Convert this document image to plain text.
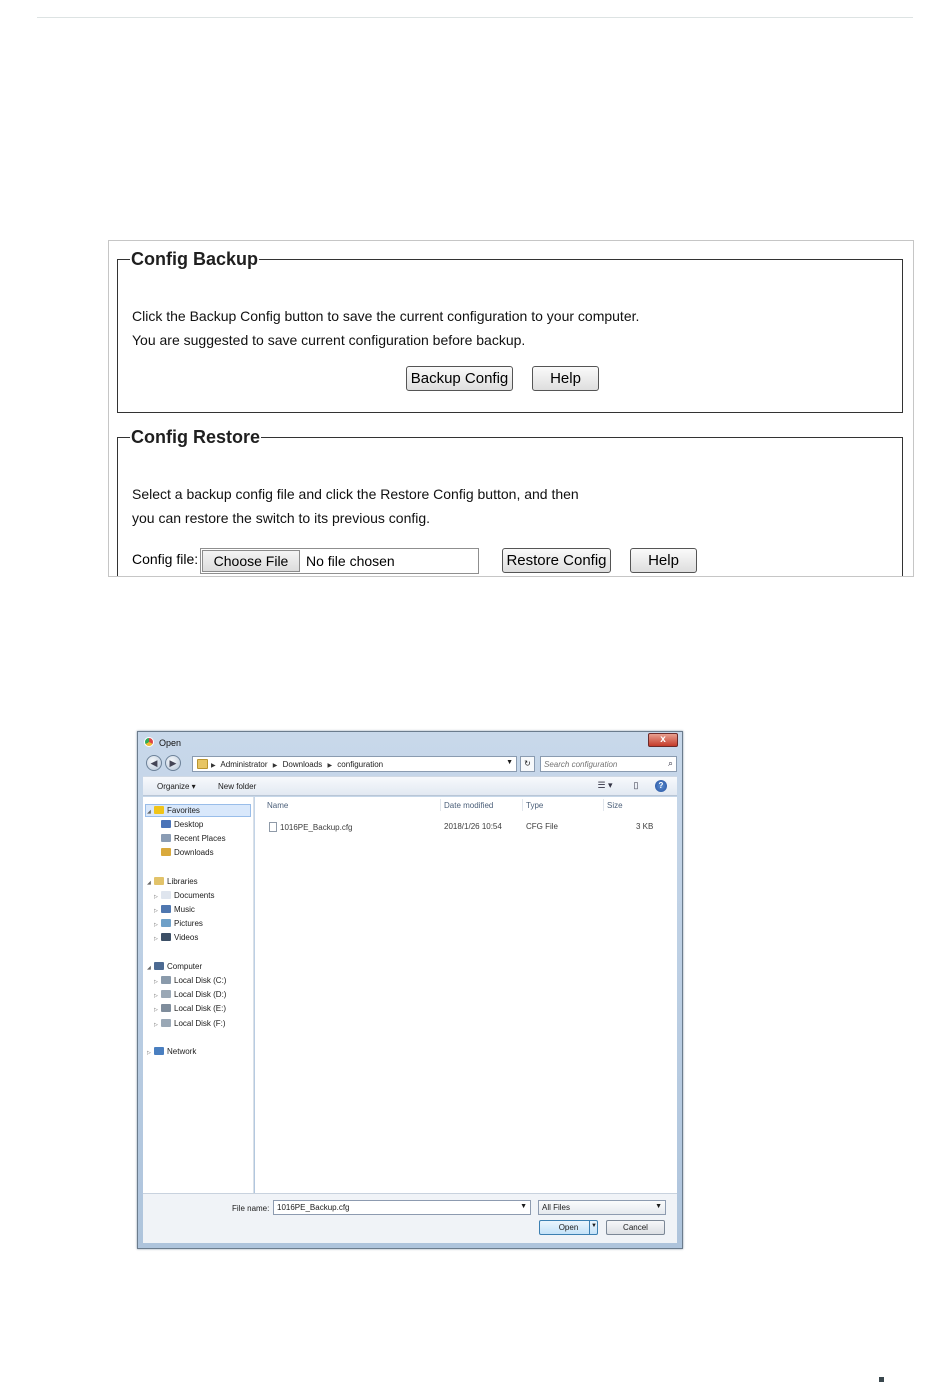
Config Backup
Click the Backup Config button to save the current configuration to your computer.
You are suggested to save current configuration before backup.
Backup Config	Help
Config Restore
Select a backup config file and click the Restore Config button, and then
you can restore the switch to its previous config.
Config file:	Choose File	No file chosen	Restore Config	Help
Open	x
◀	▶	▶ Administrator ▶ Downloads ▶ configuration	▼	↻
Search configuration	⌕
Organize ▾	New folder	☰ ▾	▯	?
◢ Favorites
Desktop
Recent Places
Downloads
◢ Libraries
▷ Documents
▷ Music
▷ Pictures
▷ Videos
◢ Computer
▷ Local Disk (C:)
▷ Local Disk (D:)
▷ Local Disk (E:)
▷ Local Disk (F:)
▷ Network
Name	Date modified	Type	Size
1016PE_Backup.cfg	2018/1/26 10:54	CFG File	3 KB
File name: 1016PE_Backup.cfg	▼ All Files	▼
Open	▼	Cancel
